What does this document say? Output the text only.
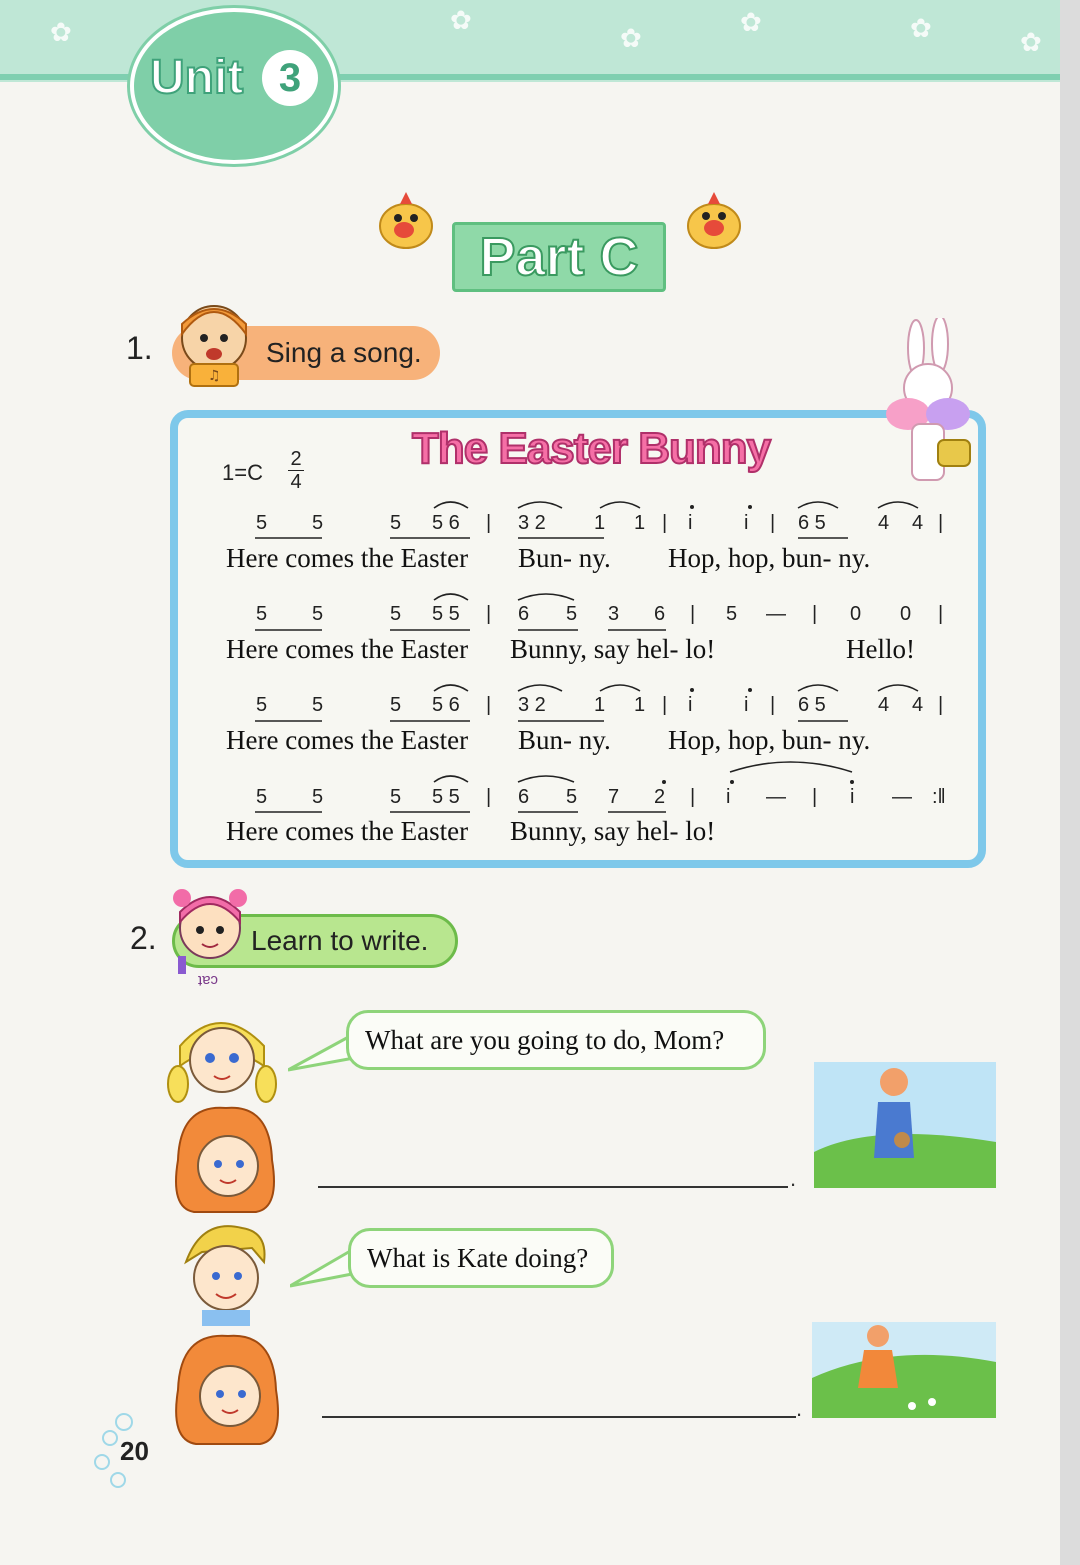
✿
✿
✿	✿	✿
✿
Unit 3
Part C
1.	Sing a song.
♫
The Easter Bunny
1=C
2
4
5 5	5 5 6 | 3 2 1 1 | i	i | 6 5	4 4 |
Here comes the Easter Bun- ny. Hop, hop, bun- ny.
5 5	5 5 5 | 6 5 3 6 | 5 — | 0 0 |
Here comes the Easter Bunny, say hel- lo!	Hello!
5 5	5 5 6 | 3 2 1 1 | i	i | 6 5	4 4 |
Here comes the Easter Bun- ny. Hop, hop, bun- ny.
5 5	5 5 5 | 6 5 7 2 | i — | i — :‖
Here comes the Easter Bunny, say hel- lo!
2.	Learn to write.
cat
What are you going to do, Mom?
.
What is Kate doing?
.
20
